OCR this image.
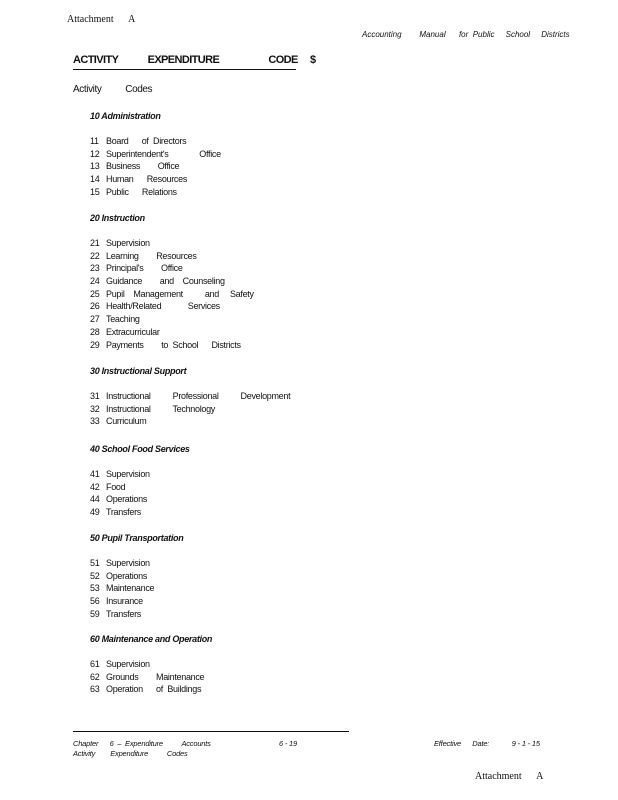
Attachment      A
Accounting        Manual      for  Public     School     Districts
ACTIVITY            EXPENDITURE                    CODE     $
Activity          Codes
10 Administration
11 Board      of  Directors
12 Superintendent's              Office
13 Business        Office
14 Human      Resources
15 Public      Relations
20 Instruction
21 Supervision
22 Learning        Resources
23 Principal's        Office
24 Guidance        and    Counseling
25 Pupil    Management          and     Safety
26 Health/Related            Services
27 Teaching
28 Extracurricular
29 Payments        to  School      Districts
30 Instructional Support
31 Instructional          Professional          Development
32 Instructional          Technology
33 Curriculum
40 School Food Services
41 Supervision
42 Food
44 Operations
49 Transfers
50 Pupil Transportation
51 Supervision
52 Operations
53 Maintenance
56 Insurance
59 Transfers
60 Maintenance and Operation
61 Supervision
62 Grounds        Maintenance
63 Operation      of  Buildings
Chapter      6  –  Expenditure          Accounts
Activity        Expenditure          Codes
6 - 19	Effective      Date:            9 - 1 - 15
Attachment      A
